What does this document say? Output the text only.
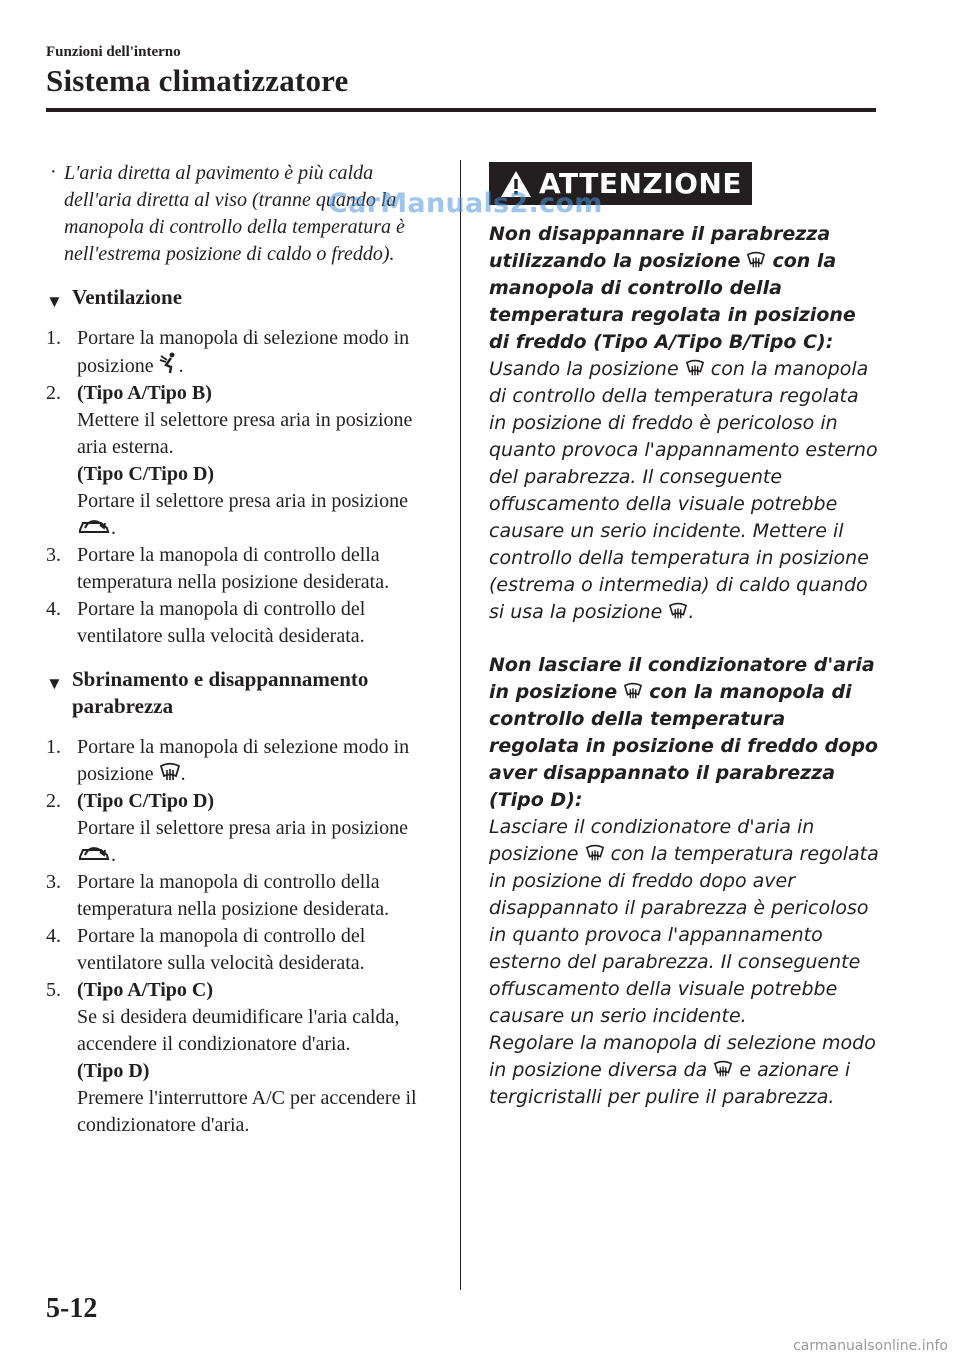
Funzioni dell'interno

Sistema climatizzatore

· L'aria diretta al pavimento è più calda dell'aria diretta al viso (tranne quando la manopola di controllo della temperatura è nell'estrema posizione di caldo o freddo).
▼ Ventilazione
1. Portare la manopola di selezione modo in posizione .
2. (Tipo A/Tipo B)
Mettere il selettore presa aria in posizione aria esterna.
(Tipo C/Tipo D)
Portare il selettore presa aria in posizione .
3. Portare la manopola di controllo della temperatura nella posizione desiderata.
4. Portare la manopola di controllo del ventilatore sulla velocità desiderata.
▼ Sbrinamento e disappannamento parabrezza
1. Portare la manopola di selezione modo in posizione .
2. (Tipo C/Tipo D)
Portare il selettore presa aria in posizione .
3. Portare la manopola di controllo della temperatura nella posizione desiderata.
4. Portare la manopola di controllo del ventilatore sulla velocità desiderata.
5. (Tipo A/Tipo C)
Se si desidera deumidificare l'aria calda, accendere il condizionatore d'aria.
(Tipo D)
Premere l'interruttore A/C per accendere il condizionatore d'aria.
ATTENZIONE
Non disappannare il parabrezza utilizzando la posizione con la manopola di controllo della temperatura regolata in posizione di freddo (Tipo A/Tipo B/Tipo C):
Usando la posizione con la manopola di controllo della temperatura regolata in posizione di freddo è pericoloso in quanto provoca l'appannamento esterno del parabrezza. Il conseguente offuscamento della visuale potrebbe causare un serio incidente. Mettere il controllo della temperatura in posizione (estrema o intermedia) di caldo quando si usa la posizione .
Non lasciare il condizionatore d'aria in posizione con la manopola di controllo della temperatura regolata in posizione di freddo dopo aver disappannato il parabrezza (Tipo D):
Lasciare il condizionatore d'aria in posizione con la temperatura regolata in posizione di freddo dopo aver disappannato il parabrezza è pericoloso in quanto provoca l'appannamento esterno del parabrezza. Il conseguente offuscamento della visuale potrebbe causare un serio incidente.
Regolare la manopola di selezione modo in posizione diversa da e azionare i tergicristalli per pulire il parabrezza.
CarManuals2.com
5-12
carmanualsonline.info
